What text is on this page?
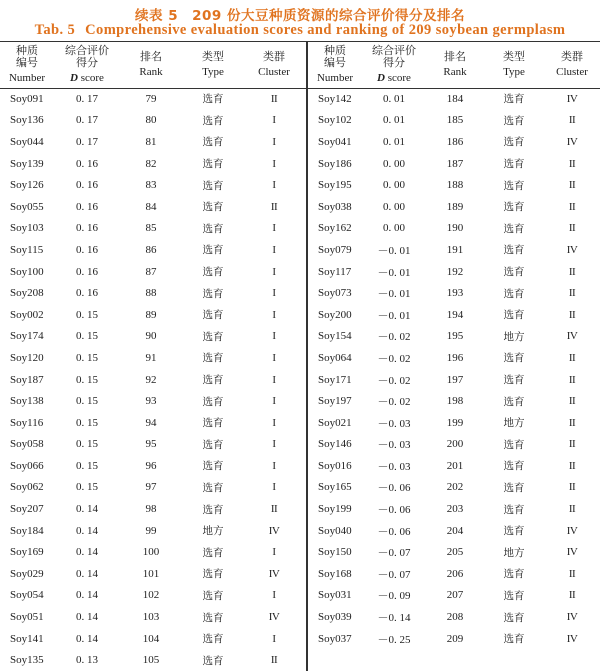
续表 5　209 份大豆种质资源的综合评价得分及排名
Tab. 5 Comprehensive evaluation scores and ranking of 209 soybean germplasm
种质
编号
Number	综合评价
得分
D score	排名
Rank	类型
Type	类群
Cluster

Soy091	0. 17	79	选育	II
Soy136	0. 17	80	选育	I
Soy044	0. 17	81	选育	I
Soy139	0. 16	82	选育	I
Soy126	0. 16	83	选育	I
Soy055	0. 16	84	选育	II
Soy103	0. 16	85	选育	I
Soy115	0. 16	86	选育	I
Soy100	0. 16	87	选育	I
Soy208	0. 16	88	选育	I
Soy002	0. 15	89	选育	I
Soy174	0. 15	90	选育	I
Soy120	0. 15	91	选育	I
Soy187	0. 15	92	选育	I
Soy138	0. 15	93	选育	I
Soy116	0. 15	94	选育	I
Soy058	0. 15	95	选育	I
Soy066	0. 15	96	选育	I
Soy062	0. 15	97	选育	I
Soy207	0. 14	98	选育	II
Soy184	0. 14	99	地方	IV
Soy169	0. 14	100	选育	I
Soy029	0. 14	101	选育	IV
Soy054	0. 14	102	选育	I
Soy051	0. 14	103	选育	IV
Soy141	0. 14	104	选育	I
Soy135	0. 13	105	选育	II
种质
编号
Number	综合评价
得分
D score	排名
Rank	类型
Type	类群
Cluster

Soy142	0. 01	184	选育	IV
Soy102	0. 01	185	选育	II
Soy041	0. 01	186	选育	IV
Soy186	0. 00	187	选育	II
Soy195	0. 00	188	选育	II
Soy038	0. 00	189	选育	II
Soy162	0. 00	190	选育	II
Soy079	－0. 01	191	选育	IV
Soy117	－0. 01	192	选育	II
Soy073	－0. 01	193	选育	II
Soy200	－0. 01	194	选育	II
Soy154	－0. 02	195	地方	IV
Soy064	－0. 02	196	选育	II
Soy171	－0. 02	197	选育	II
Soy197	－0. 02	198	选育	II
Soy021	－0. 03	199	地方	II
Soy146	－0. 03	200	选育	II
Soy016	－0. 03	201	选育	II
Soy165	－0. 06	202	选育	II
Soy199	－0. 06	203	选育	II
Soy040	－0. 06	204	选育	IV
Soy150	－0. 07	205	地方	IV
Soy168	－0. 07	206	选育	II
Soy031	－0. 09	207	选育	II
Soy039	－0. 14	208	选育	IV
Soy037	－0. 25	209	选育	IV
